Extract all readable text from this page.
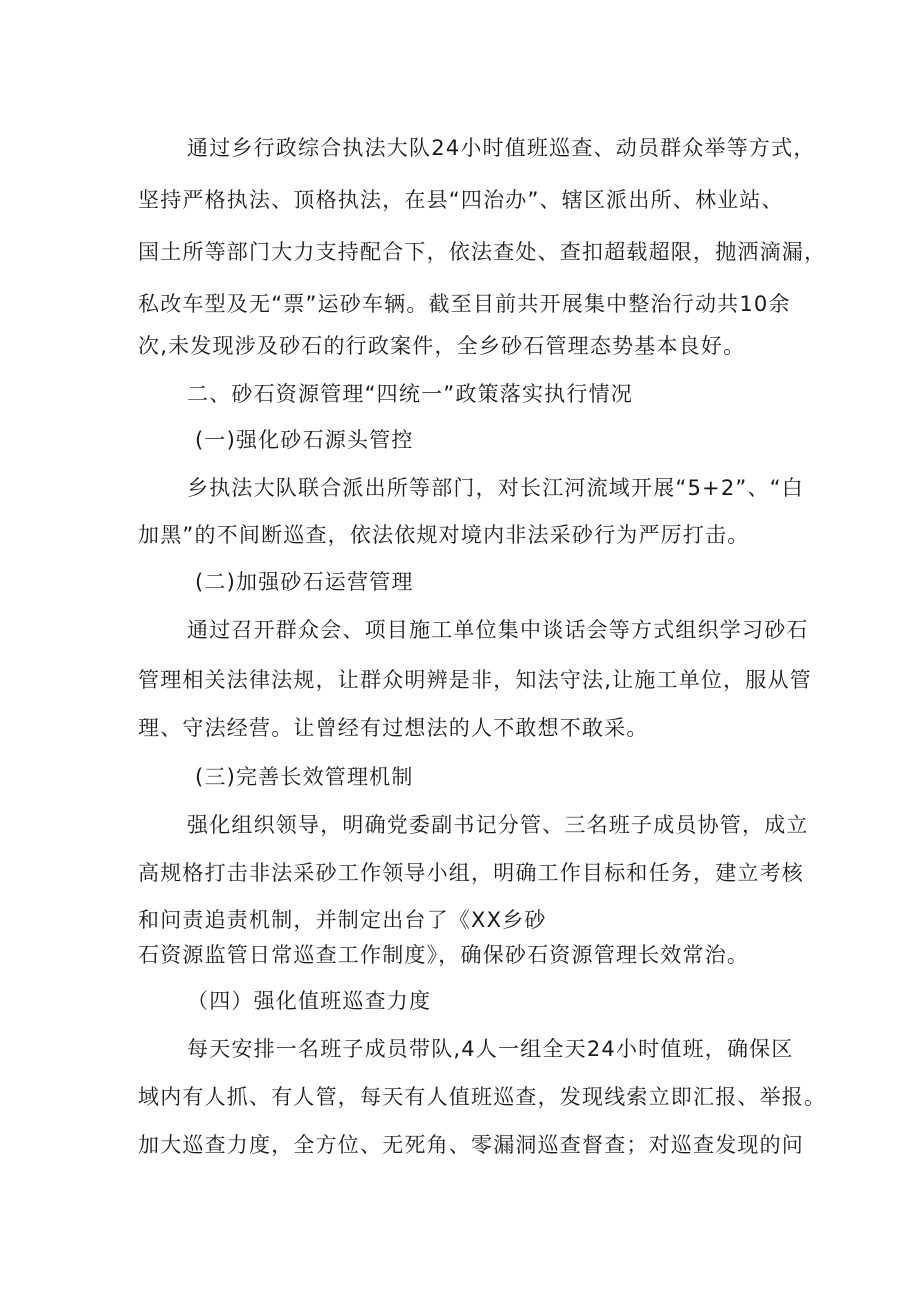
通过乡行政综合执法大队24小时值班巡查、动员群众举等方式，

坚持严格执法、顶格执法，在县“四治办”、辖区派出所、林业站、

国土所等部门大力支持配合下，依法查处、查扣超载超限，抛洒滴漏，

私改车型及无“票”运砂车辆。截至目前共开展集中整治行动共10余

次,未发现涉及砂石的行政案件，全乡砂石管理态势基本良好。

二、砂石资源管理“四统一”政策落实执行情况

(一)强化砂石源头管控

乡执法大队联合派出所等部门，对长江河流域开展“5+2”、“白

加黑”的不间断巡查，依法依规对境内非法采砂行为严厉打击。

(二)加强砂石运营管理

通过召开群众会、项目施工单位集中谈话会等方式组织学习砂石

管理相关法律法规，让群众明辨是非，知法守法,让施工单位，服从管

理、守法经营。让曾经有过想法的人不敢想不敢采。

(三)完善长效管理机制

强化组织领导，明确党委副书记分管、三名班子成员协管，成立

高规格打击非法采砂工作领导小组，明确工作目标和任务，建立考核

和问责追责机制，并制定出台了《XX乡砂

石资源监管日常巡查工作制度》，确保砂石资源管理长效常治。

（四）强化值班巡查力度

每天安排一名班子成员带队,4人一组全天24小时值班，确保区

域内有人抓、有人管，每天有人值班巡查，发现线索立即汇报、举报。

加大巡查力度，全方位、无死角、零漏洞巡查督查；对巡查发现的问
